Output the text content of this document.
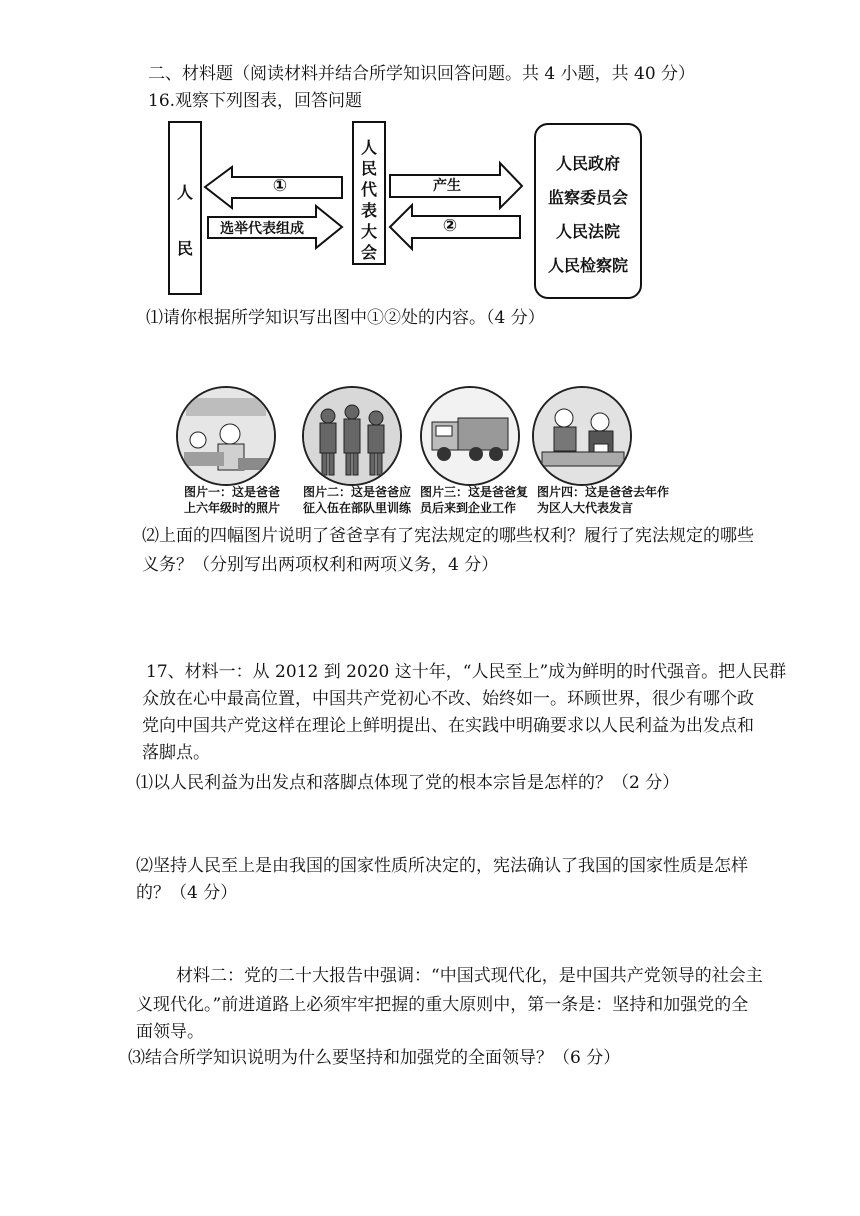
二、材料题（阅读材料并结合所学知识回答问题。共 4 小题，共 40 分）
16.观察下列图表，回答问题
人民
人民代表大会
人民政府
监察委员会
人民法院
人民检察院
①
选举代表组成
产生
②
⑴请你根据所学知识写出图中①②处的内容。（4 分）
图片一：这是爸爸
上六年级时的照片
图片二：这是爸爸应
征入伍在部队里训练
图片三：这是爸爸复
员后来到企业工作
图片四：这是爸爸去年作
为区人大代表发言
⑵上面的四幅图片说明了爸爸享有了宪法规定的哪些权利？履行了宪法规定的哪些
义务？（分别写出两项权利和两项义务，4 分）
17、材料一：从 2012 到 2020 这十年，“人民至上”成为鲜明的时代强音。把人民群
众放在心中最高位置，中国共产党初心不改、始终如一。环顾世界，很少有哪个政
党向中国共产党这样在理论上鲜明提出、在实践中明确要求以人民利益为出发点和
落脚点。
⑴以人民利益为出发点和落脚点体现了党的根本宗旨是怎样的？（2 分）
⑵坚持人民至上是由我国的国家性质所决定的，宪法确认了我国的国家性质是怎样
的？（4 分）
材料二：党的二十大报告中强调：“中国式现代化，是中国共产党领导的社会主
义现代化。”前进道路上必须牢牢把握的重大原则中，第一条是：坚持和加强党的全
面领导。
⑶结合所学知识说明为什么要坚持和加强党的全面领导？（6 分）
